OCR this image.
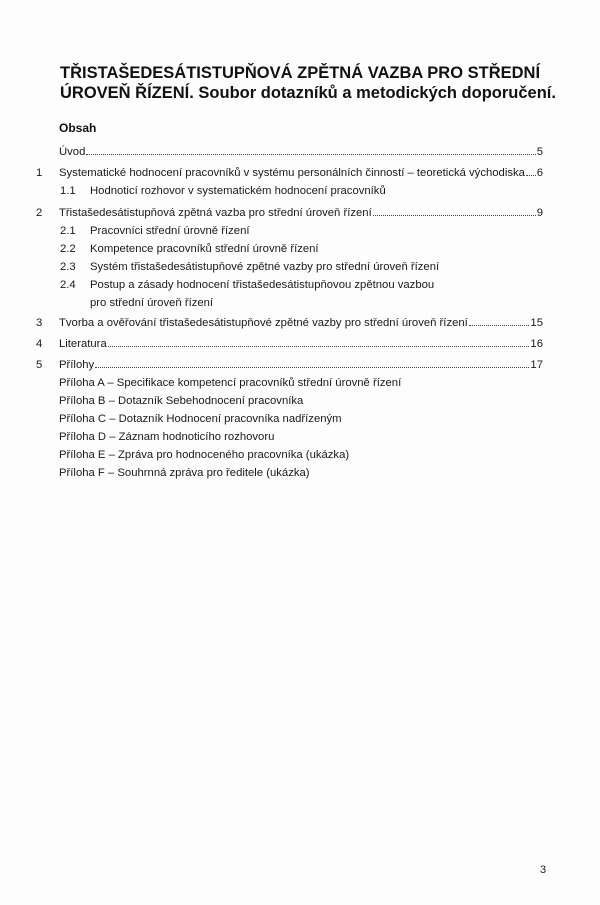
TŘISTAŠEDESÁTISTUPŇOVÁ ZPĚTNÁ VAZBA PRO STŘEDNÍ
ÚROVEŇ ŘÍZENÍ. Soubor dotazníků a metodických doporučení.
Obsah
Úvod	5
1 Systematické hodnocení pracovníků v systému personálních činností – teoretická východiska 6
1.1 Hodnoticí rozhovor v systematickém hodnocení pracovníků
2 Třistašedesátistupňová zpětná vazba pro střední úroveň řízení	9
2.1 Pracovníci střední úrovně řízení
2.2 Kompetence pracovníků střední úrovně řízení
2.3 Systém třistašedesátistupňové zpětné vazby pro střední úroveň řízení
2.4 Postup a zásady hodnocení třistašedesátistupňovou zpětnou vazbou
pro střední úroveň řízení
3 Tvorba a ověřování třistašedesátistupňové zpětné vazby pro střední úroveň řízení	15
4 Literatura	16
5 Přílohy	17
Příloha A – Specifikace kompetencí pracovníků střední úrovně řízení
Příloha B – Dotazník Sebehodnocení pracovníka
Příloha C – Dotazník Hodnocení pracovníka nadřízeným
Příloha D – Záznam hodnoticího rozhovoru
Příloha E – Zpráva pro hodnoceného pracovníka (ukázka)
Příloha F – Souhrnná zpráva pro ředitele (ukázka)
3
